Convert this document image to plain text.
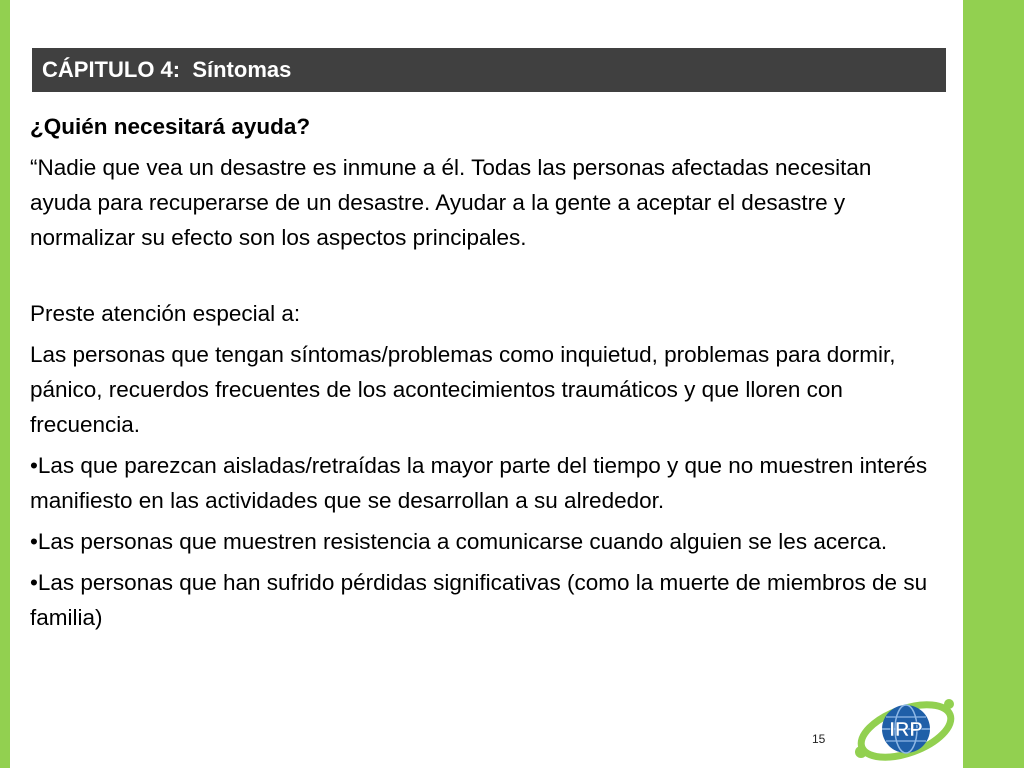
CÁPITULO 4:  Síntomas

¿Quién necesitará ayuda?

“Nadie que vea un desastre es inmune a él. Todas las personas afectadas necesitan ayuda para recuperarse de un desastre. Ayudar a la gente a aceptar el desastre y normalizar su efecto son los aspectos principales.

Preste atención especial a:

Las personas que tengan síntomas/problemas como inquietud, problemas para dormir, pánico, recuerdos frecuentes de los acontecimientos traumáticos y que lloren con frecuencia.

•Las que parezcan aisladas/retraídas la mayor parte del tiempo y que no muestren interés manifiesto en las actividades que se desarrollan a su alrededor.

•Las personas que muestren resistencia a comunicarse cuando alguien se les acerca.

•Las personas que han sufrido pérdidas significativas (como la muerte de miembros de su familia)

15	IRP
